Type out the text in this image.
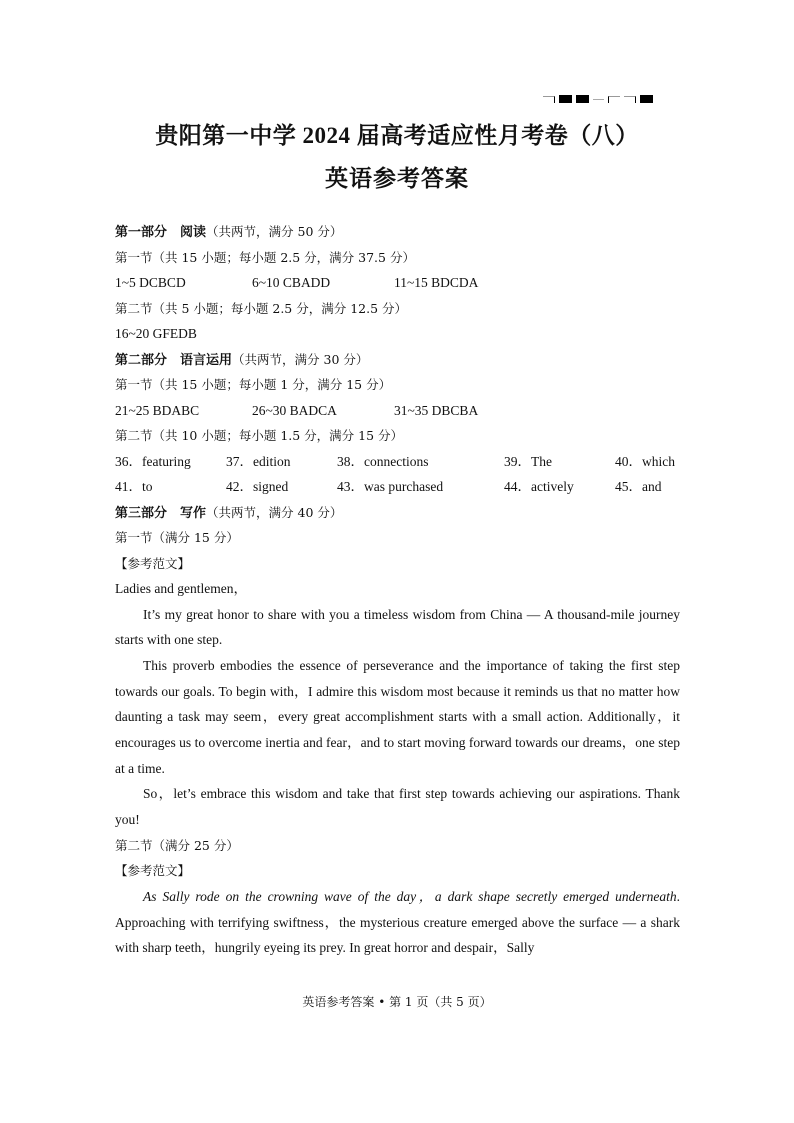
贵阳第一中学 2024 届高考适应性月考卷（八）
英语参考答案
第一部分　阅读（共两节，满分 50 分）
第一节（共 15 小题；每小题 2.5 分，满分 37.5 分）
1~5 DCBCD	6~10 CBADD	11~15 BDCDA
第二节（共 5 小题；每小题 2.5 分，满分 12.5 分）
16~20 GFEDB
第二部分　语言运用（共两节，满分 30 分）
第一节（共 15 小题；每小题 1 分，满分 15 分）
21~25 BDABC	26~30 BADCA	31~35 DBCBA
第二节（共 10 小题；每小题 1.5 分，满分 15 分）
36．featuring	37．edition	38．connections	39．The	40．which
41．to	42．signed	43．was purchased	44．actively	45．and
第三部分　写作（共两节，满分 40 分）
第一节（满分 15 分）
【参考范文】
Ladies and gentlemen，

It’s my great honor to share with you a timeless wisdom from China — A thousand-mile journey starts with one step.

This proverb embodies the essence of perseverance and the importance of taking the first step towards our goals. To begin with，I admire this wisdom most because it reminds us that no matter how daunting a task may seem，every great accomplishment starts with a small action. Additionally，it encourages us to overcome inertia and fear，and to start moving forward towards our dreams，one step at a time.

So，let’s embrace this wisdom and take that first step towards achieving our aspirations. Thank you!

第二节（满分 25 分）
【参考范文】

As Sally rode on the crowning wave of the day，a dark shape secretly emerged underneath. Approaching with terrifying swiftness，the mysterious creature emerged above the surface — a shark with sharp teeth，hungrily eyeing its prey. In great horror and despair，Sally

英语参考答案 • 第 1 页（共 5 页）
